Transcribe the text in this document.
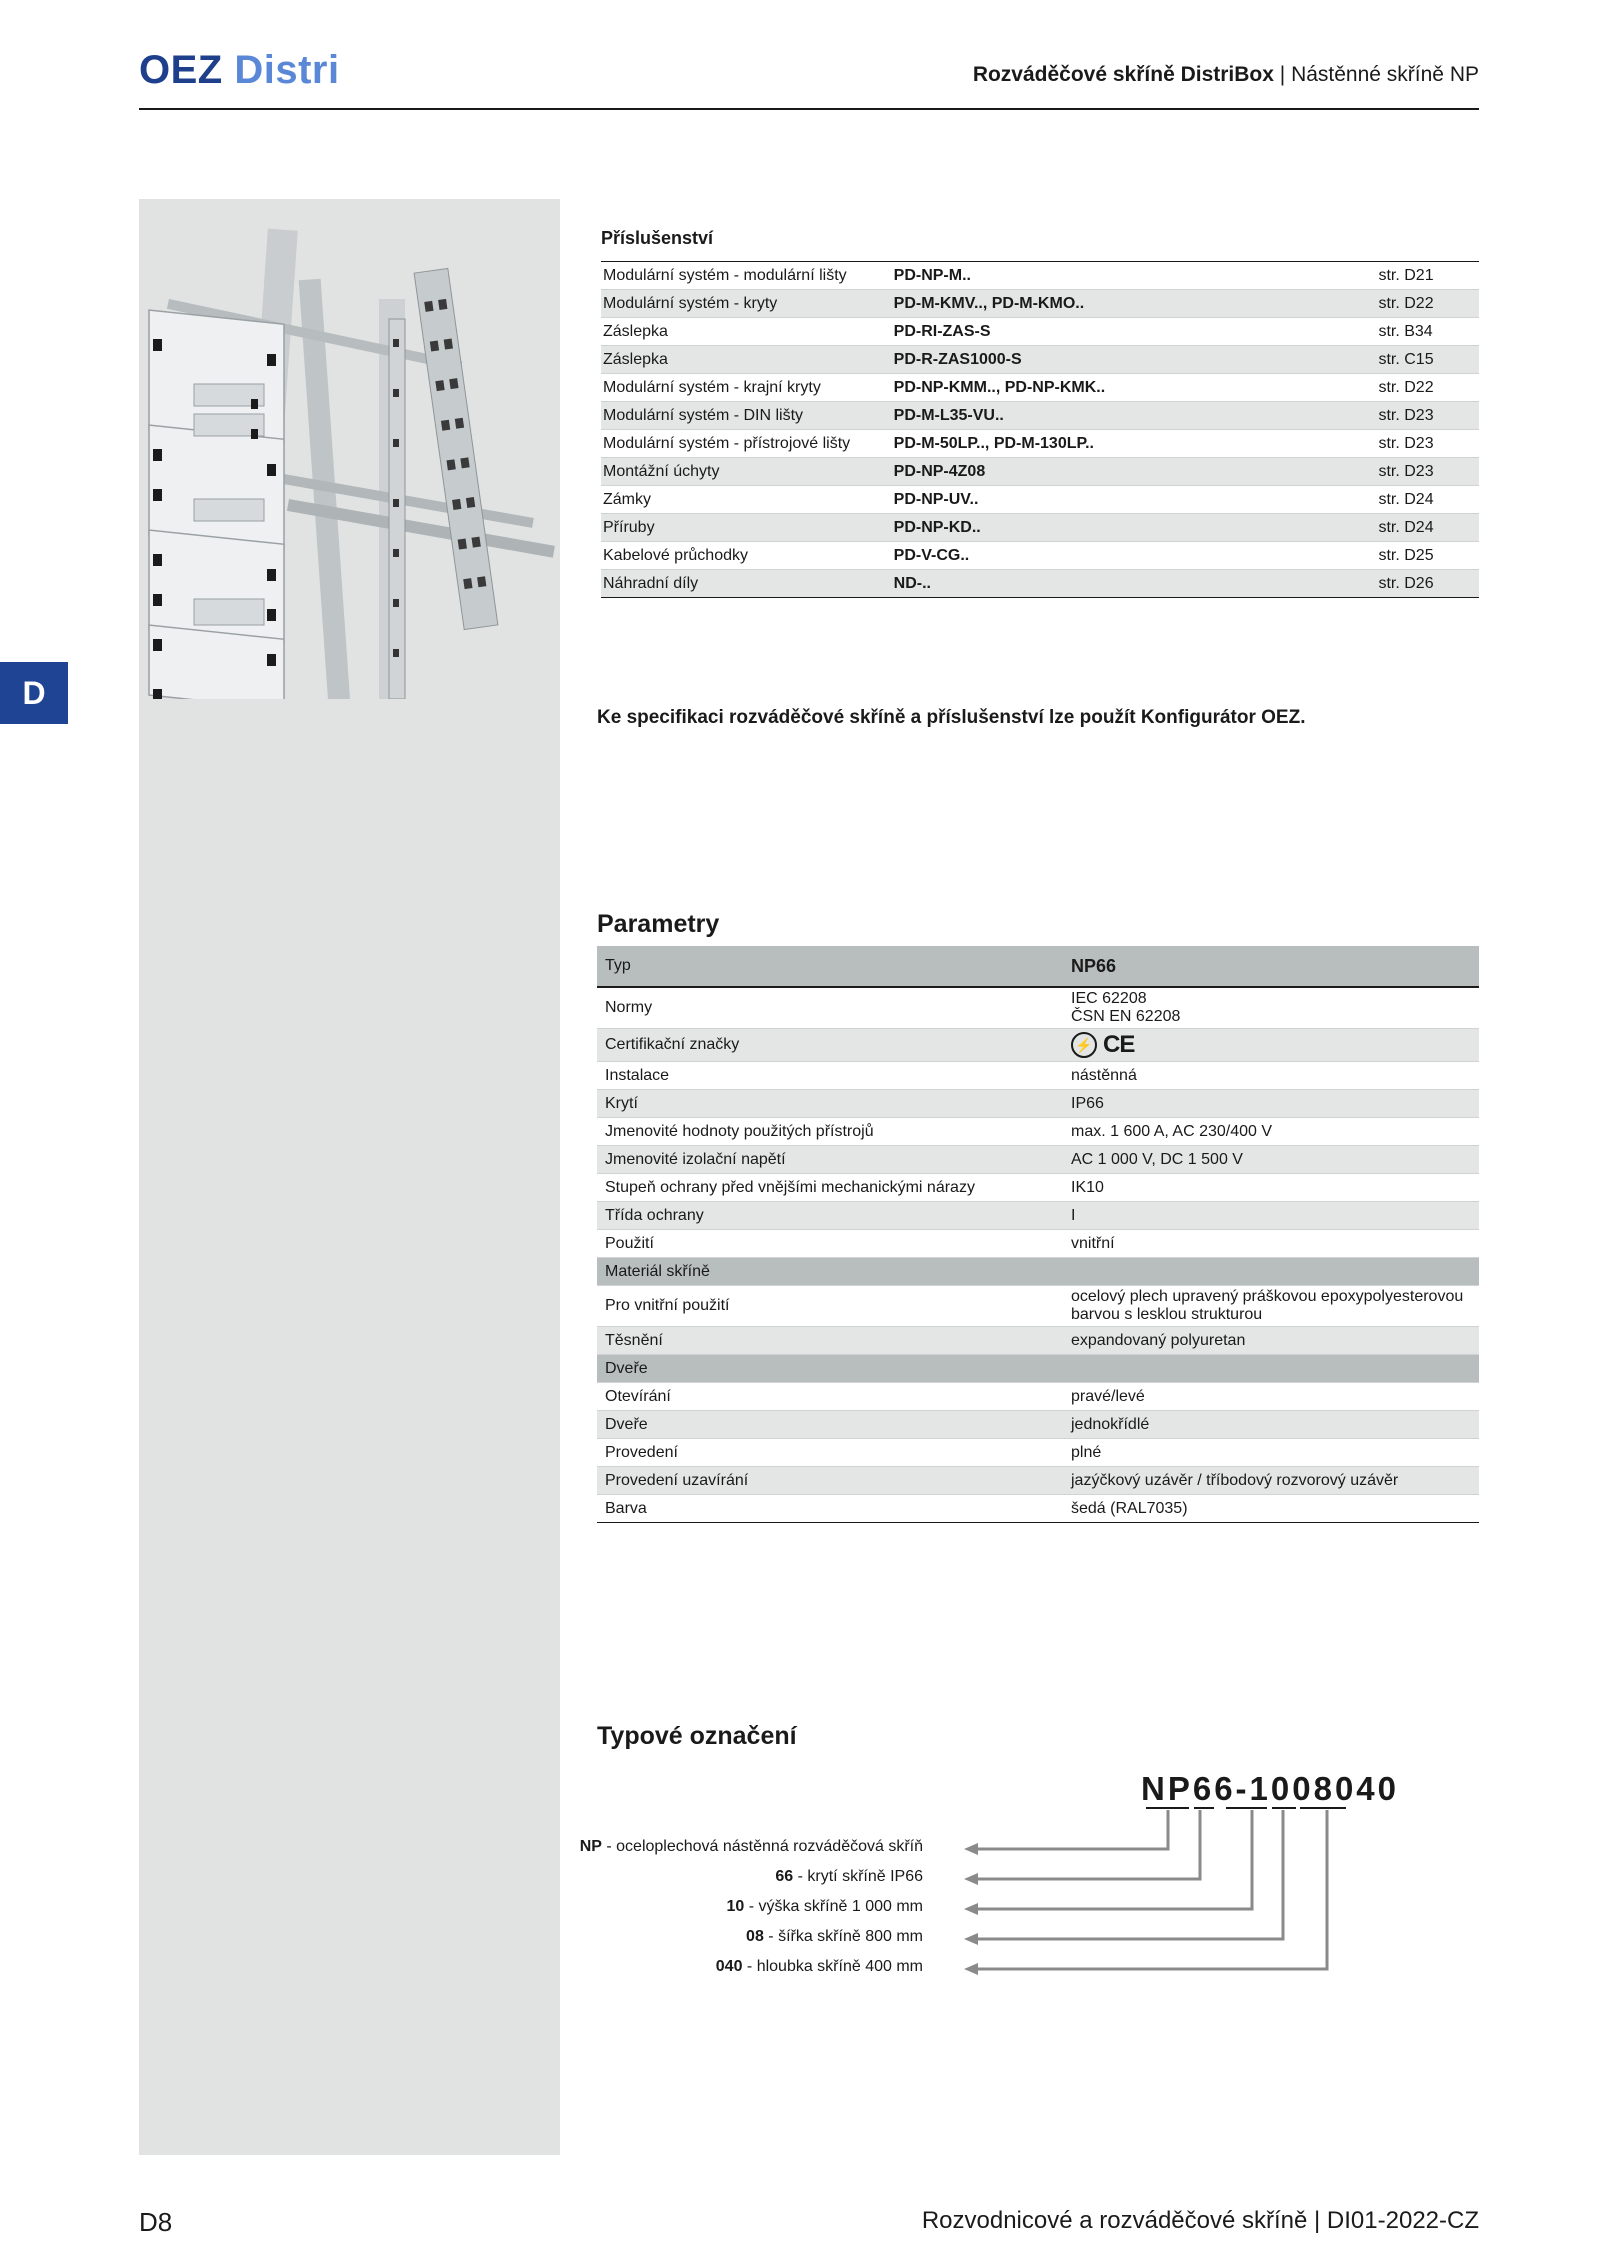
OEZ Distri	Rozváděčové skříně DistriBox | Nástěnné skříně NP
D
Příslušenství
Modulární systém - modulární lišty	PD-NP-M..	str. D21
Modulární systém - kryty	PD-M-KMV.., PD-M-KMO..	str. D22
Záslepka	PD-RI-ZAS-S	str. B34
Záslepka	PD-R-ZAS1000-S	str. C15
Modulární systém - krajní kryty	PD-NP-KMM.., PD-NP-KMK..	str. D22
Modulární systém - DIN lišty	PD-M-L35-VU..	str. D23
Modulární systém - přístrojové lišty	PD-M-50LP.., PD-M-130LP..	str. D23
Montážní úchyty	PD-NP-4Z08	str. D23
Zámky	PD-NP-UV..	str. D24
Příruby	PD-NP-KD..	str. D24
Kabelové průchodky	PD-V-CG..	str. D25
Náhradní díly	ND-..	str. D26
Ke specifikaci rozváděčové skříně a příslušenství lze použít Konfigurátor OEZ.
Parametry
Typ	NP66
Normy	IEC 62208
ČSN EN 62208

Certifikační značky	⚡ CE
Instalace	nástěnná

Krytí	IP66

Jmenovité hodnoty použitých přístrojů	max. 1 600 A, AC 230/400 V

Jmenovité izolační napětí	AC 1 000 V, DC 1 500 V

Stupeň ochrany před vnějšími mechanickými nárazy	IK10

Třída ochrany	I

Použití	vnitřní

Materiál skříně	

Pro vnitřní použití	ocelový plech upravený práškovou epoxypolyesterovou
barvou s lesklou strukturou

Těsnění	expandovaný polyuretan

Dveře	

Otevírání	pravé/levé

Dveře	jednokřídlé

Provedení	plné

Provedení uzavírání	jazýčkový uzávěr / tříbodový rozvorový uzávěr

Barva	šedá (RAL7035)
Typové označení
NP66-1008040
NP - oceloplechová nástěnná rozváděčová skříň
66 - krytí skříně IP66
10 - výška skříně 1 000 mm
08 - šířka skříně 800 mm
040 - hloubka skříně 400 mm
D8	Rozvodnicové a rozváděčové skříně | DI01-2022-CZ
